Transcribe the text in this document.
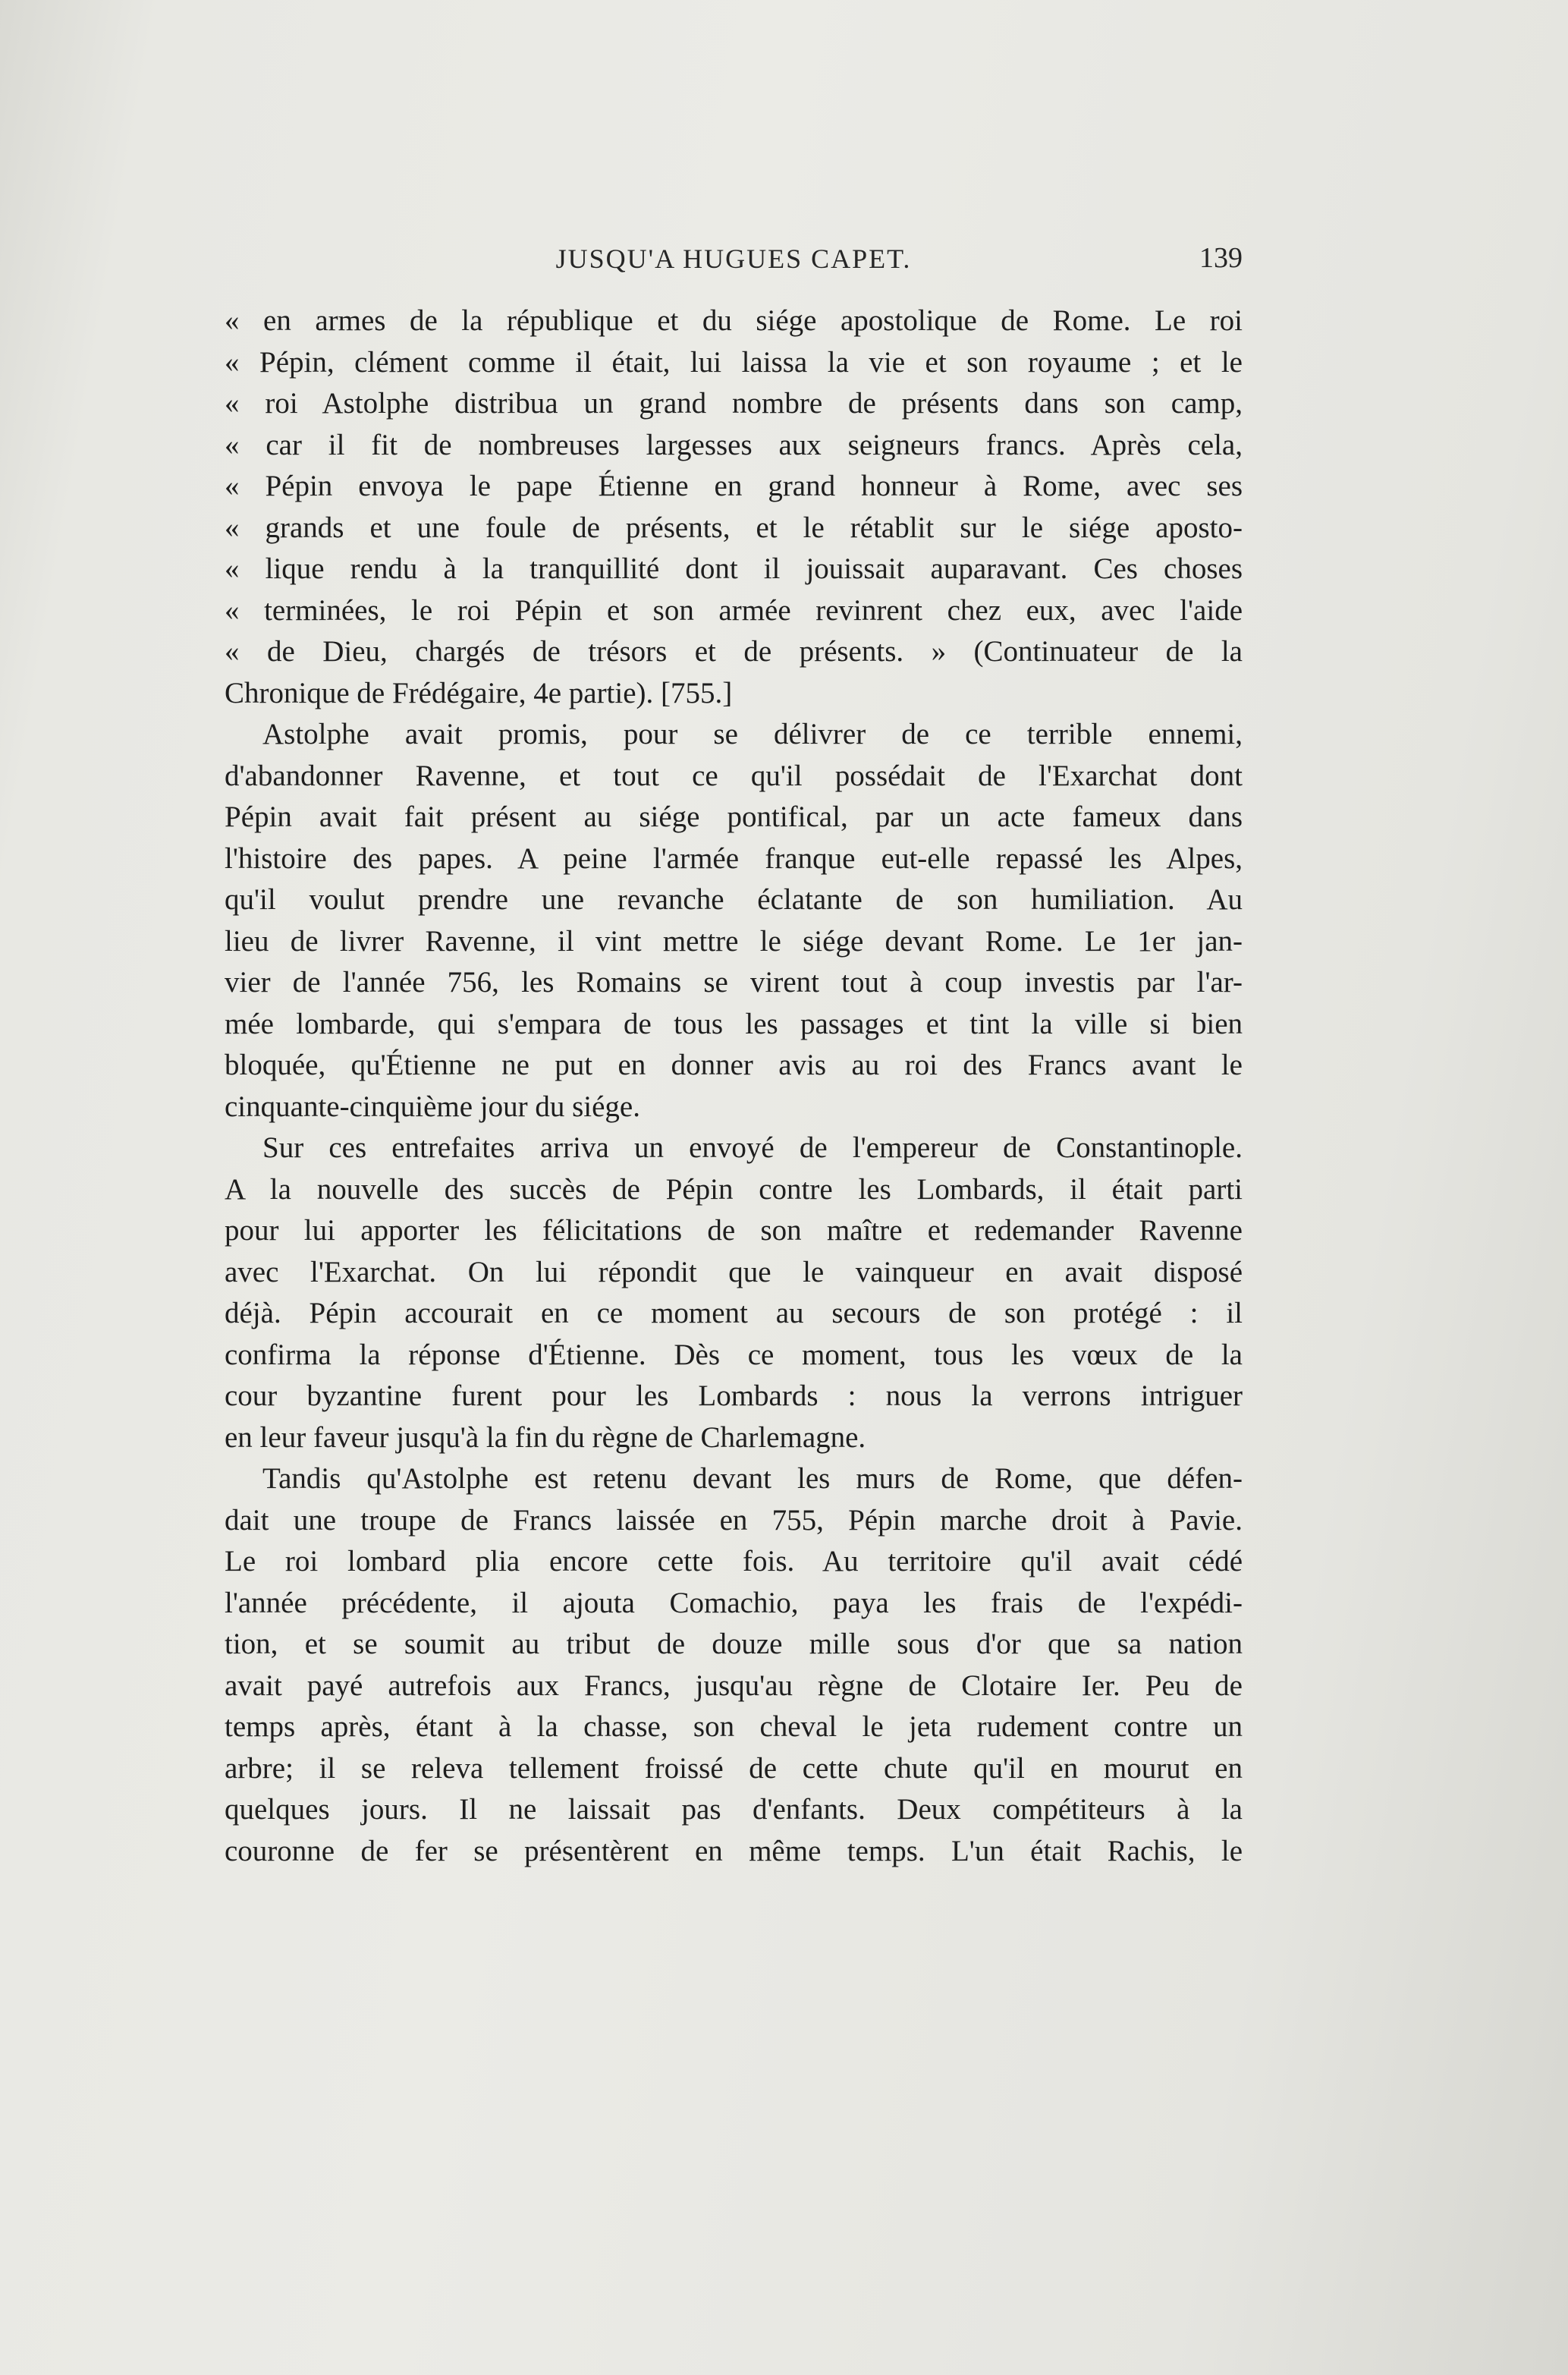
JUSQU'A HUGUES CAPET.	139
« en armes de la république et du siége apostolique de Rome. Le roi
« Pépin, clément comme il était, lui laissa la vie et son royaume ; et le
« roi Astolphe distribua un grand nombre de présents dans son camp,
« car il fit de nombreuses largesses aux seigneurs francs. Après cela,
« Pépin envoya le pape Étienne en grand honneur à Rome, avec ses
« grands et une foule de présents, et le rétablit sur le siége aposto-
« lique rendu à la tranquillité dont il jouissait auparavant. Ces choses
« terminées, le roi Pépin et son armée revinrent chez eux, avec l'aide
« de Dieu, chargés de trésors et de présents. » (Continuateur de la
Chronique de Frédégaire, 4e partie). [755.]
Astolphe avait promis, pour se délivrer de ce terrible ennemi,
d'abandonner Ravenne, et tout ce qu'il possédait de l'Exarchat dont
Pépin avait fait présent au siége pontifical, par un acte fameux dans
l'histoire des papes. A peine l'armée franque eut-elle repassé les Alpes,
qu'il voulut prendre une revanche éclatante de son humiliation. Au
lieu de livrer Ravenne, il vint mettre le siége devant Rome. Le 1er jan-
vier de l'année 756, les Romains se virent tout à coup investis par l'ar-
mée lombarde, qui s'empara de tous les passages et tint la ville si bien
bloquée, qu'Étienne ne put en donner avis au roi des Francs avant le
cinquante-cinquième jour du siége.
Sur ces entrefaites arriva un envoyé de l'empereur de Constantinople.
A la nouvelle des succès de Pépin contre les Lombards, il était parti
pour lui apporter les félicitations de son maître et redemander Ravenne
avec l'Exarchat. On lui répondit que le vainqueur en avait disposé
déjà. Pépin accourait en ce moment au secours de son protégé : il
confirma la réponse d'Étienne. Dès ce moment, tous les vœux de la
cour byzantine furent pour les Lombards : nous la verrons intriguer
en leur faveur jusqu'à la fin du règne de Charlemagne.
Tandis qu'Astolphe est retenu devant les murs de Rome, que défen-
dait une troupe de Francs laissée en 755, Pépin marche droit à Pavie.
Le roi lombard plia encore cette fois. Au territoire qu'il avait cédé
l'année précédente, il ajouta Comachio, paya les frais de l'expédi-
tion, et se soumit au tribut de douze mille sous d'or que sa nation
avait payé autrefois aux Francs, jusqu'au règne de Clotaire Ier. Peu de
temps après, étant à la chasse, son cheval le jeta rudement contre un
arbre; il se releva tellement froissé de cette chute qu'il en mourut en
quelques jours. Il ne laissait pas d'enfants. Deux compétiteurs à la
couronne de fer se présentèrent en même temps. L'un était Rachis, le
